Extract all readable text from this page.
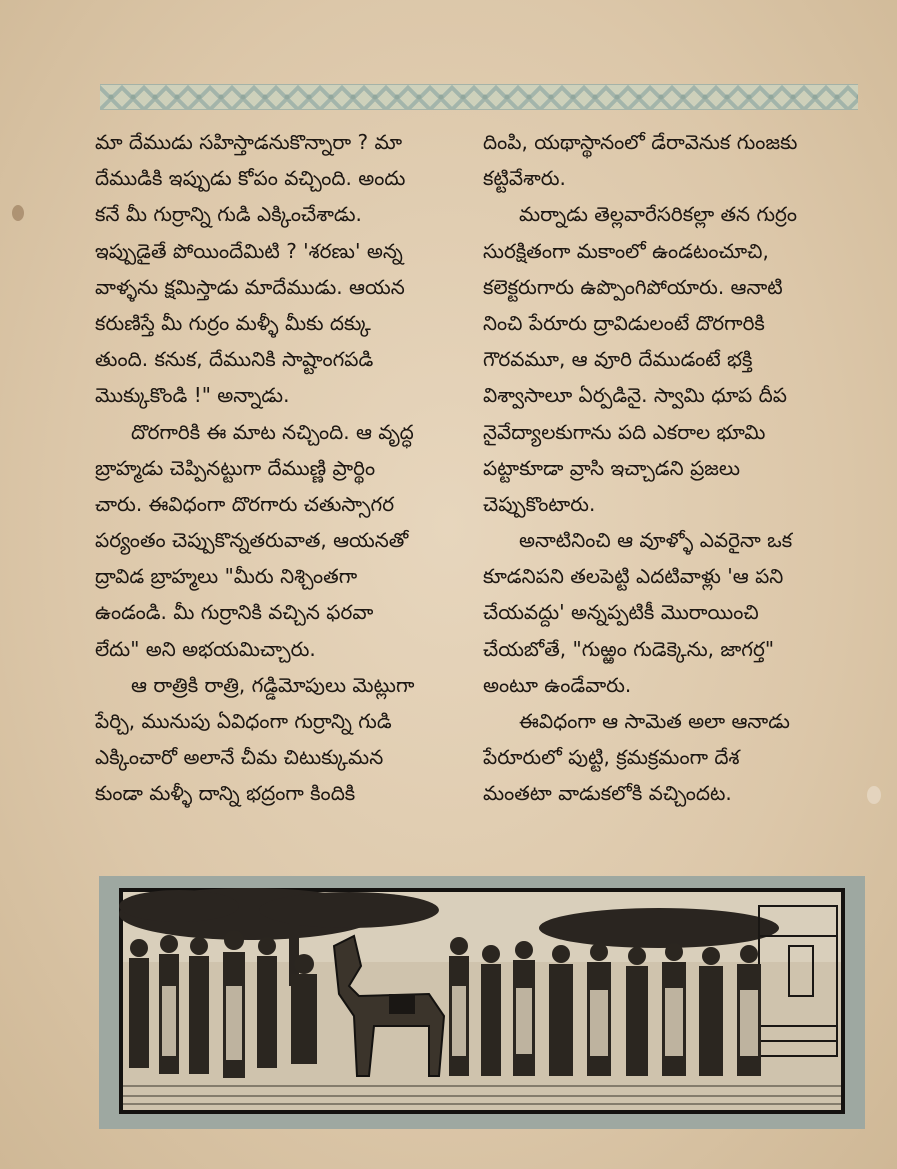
మా దేముడు సహిస్తాడనుకొన్నారా ? మా
దేముడికి ఇప్పుడు కోపం వచ్చింది. అందు
కనే మీ గుర్రాన్ని గుడి ఎక్కించేశాడు.
ఇప్పుడైతే పోయిందేమిటి ? 'శరణు' అన్న
వాళ్ళను క్షమిస్తాడు మాదేముడు. ఆయన
కరుణిస్తే మీ గుర్రం మళ్ళీ మీకు దక్కు
తుంది. కనుక, దేమునికి సాష్టాంగపడి
మొక్కుకొండి !" అన్నాడు.
దొరగారికి ఈ మాట నచ్చింది. ఆ వృద్ధ
బ్రాహ్మడు చెప్పినట్టుగా దేముణ్ణి ప్రార్థిం
చారు. ఈవిధంగా దొరగారు చతుస్సాగర
పర్యంతం చెప్పుకొన్నతరువాత, ఆయనతో
ద్రావిడ బ్రాహ్మలు "మీరు నిశ్చింతగా
ఉండండి. మీ గుర్రానికి వచ్చిన ఫరవా
లేదు" అని అభయమిచ్చారు.
ఆ రాత్రికి రాత్రి, గడ్డిమోపులు మెట్లుగా
పేర్చి, మునుపు ఏవిధంగా గుర్రాన్ని గుడి
ఎక్కించారో అలానే చీమ చిటుక్కుమన
కుండా మళ్ళీ దాన్ని భద్రంగా కిందికి
దింపి, యథాస్థానంలో డేరావెనుక గుంజకు
కట్టివేశారు.
మర్నాడు తెల్లవారేసరికల్లా తన గుర్రం
సురక్షితంగా మకాంలో ఉండటంచూచి,
కలెక్టరుగారు ఉప్పొంగిపోయారు. ఆనాటి
నించి పేరూరు ద్రావిడులంటే దొరగారికి
గౌరవమూ, ఆ వూరి దేముడంటే భక్తి
విశ్వాసాలూ ఏర్పడినై. స్వామి ధూప దీప
నైవేద్యాలకుగాను పది ఎకరాల భూమి
పట్టాకూడా వ్రాసి ఇచ్చాడని ప్రజలు
చెప్పుకొంటారు.
అనాటినించి ఆ వూళ్ళో ఎవరైనా ఒక
కూడనిపని తలపెట్టి ఎదటివాళ్లు 'ఆ పని
చేయవద్దు' అన్నప్పటికీ మొరాయించి
చేయబోతే, "గుఱ్ఱం గుడెక్కెను, జాగర్త"
అంటూ ఉండేవారు.
ఈవిధంగా ఆ సామెత అలా ఆనాడు
పేరూరులో పుట్టి, క్రమక్రమంగా దేశ
మంతటా వాడుకలోకి వచ్చిందట.
